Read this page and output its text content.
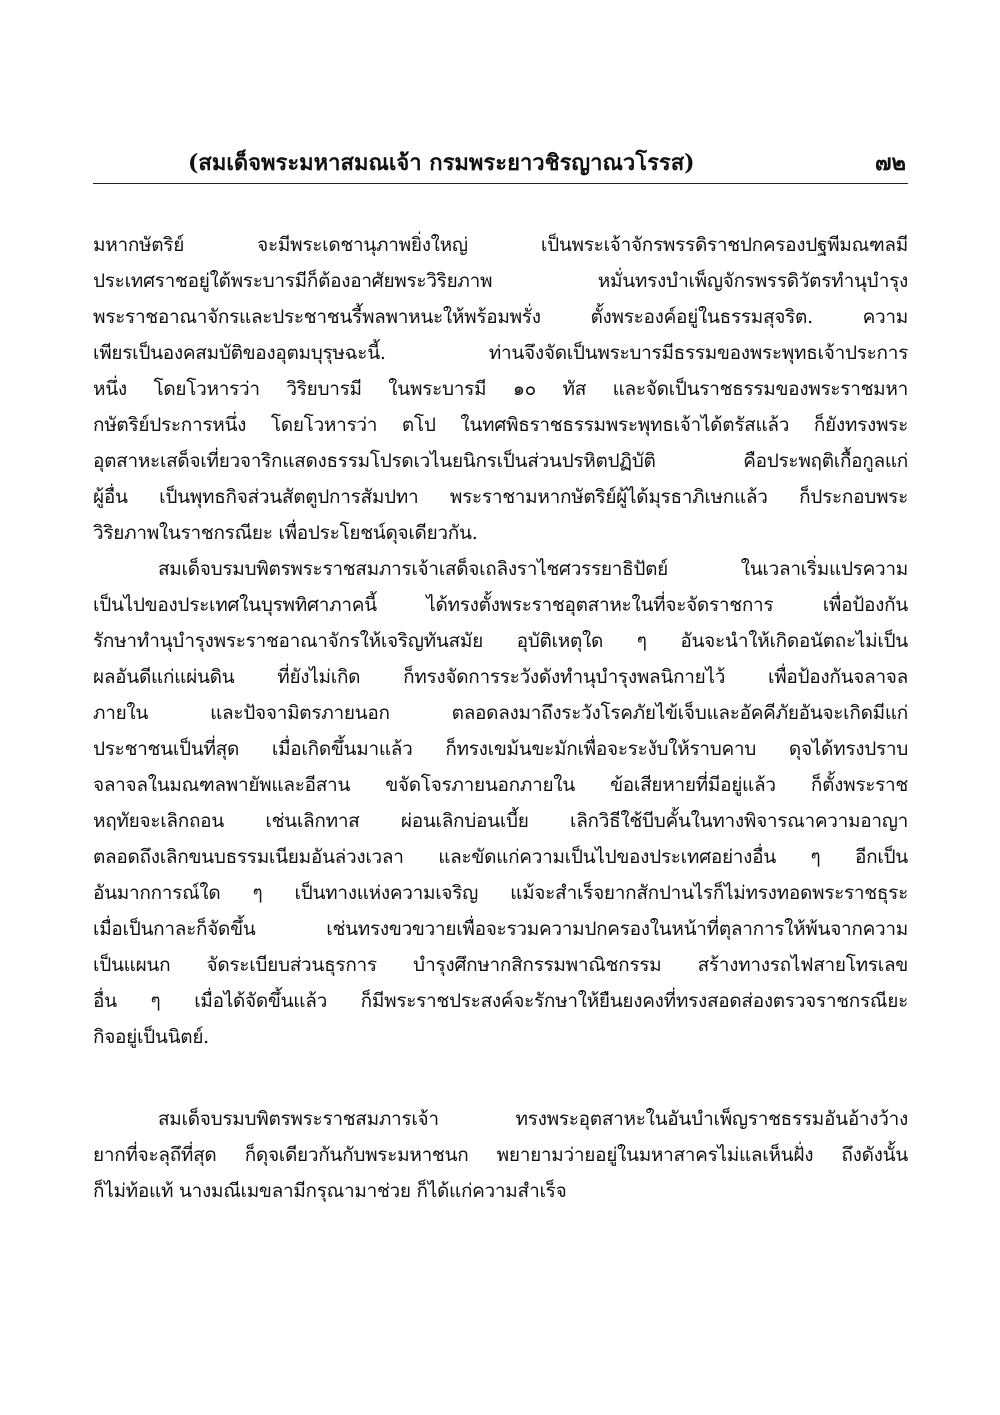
(สมเด็จพระมหาสมณเจ้า กรมพระยาวชิรญาณวโรรส)	๗๒
มหากษัตริย์ จะมีพระเดชานุภาพยิ่งใหญ่ เป็นพระเจ้าจักรพรรดิราชปกครองปฐพีมณฑลมี
ประเทศราชอยู่ใต้พระบารมีก็ต้องอาศัยพระวิริยภาพ หมั่นทรงบำเพ็ญจักรพรรดิวัตรทำนุบำรุง
พระราชอาณาจักรและประชาชนรี้พลพาหนะให้พร้อมพรั่ง ตั้งพระองค์อยู่ในธรรมสุจริต. ความ
เพียรเป็นองคสมบัติของอุตมบุรุษฉะนี้. ท่านจึงจัดเป็นพระบารมีธรรมของพระพุทธเจ้าประการ
หนึ่ง โดยโวหารว่า วิริยบารมี ในพระบารมี ๑๐ ทัส และจัดเป็นราชธรรมของพระราชมหา
กษัตริย์ประการหนึ่ง โดยโวหารว่า ตโป ในทศพิธราชธรรมพระพุทธเจ้าได้ตรัสแล้ว ก็ยังทรงพระ
อุตสาหะเสด็จเที่ยวจาริกแสดงธรรมโปรดเวไนยนิกรเป็นส่วนปรหิตปฏิบัติ คือประพฤติเกื้อกูลแก่
ผู้อื่น เป็นพุทธกิจส่วนสัตตูปการสัมปทา พระราชามหากษัตริย์ผู้ได้มุรธาภิเษกแล้ว ก็ประกอบพระ
วิริยภาพในราชกรณียะ เพื่อประโยชน์ดุจเดียวกัน.
สมเด็จบรมบพิตรพระราชสมภารเจ้าเสด็จเถลิงราไชศวรรยาธิปัตย์ ในเวลาเริ่มแปรความ
เป็นไปของประเทศในบุรพทิศาภาคนี้ ได้ทรงตั้งพระราชอุตสาหะในที่จะจัดราชการ เพื่อป้องกัน
รักษาทำนุบำรุงพระราชอาณาจักรให้เจริญทันสมัย อุบัติเหตุใด ๆ อันจะนำให้เกิดอนัตถะไม่เป็น
ผลอันดีแก่แผ่นดิน ที่ยังไม่เกิด ก็ทรงจัดการระวังดังทำนุบำรุงพลนิกายไว้ เพื่อป้องกันจลาจล
ภายใน และปัจจามิตรภายนอก ตลอดลงมาถึงระวังโรคภัยไข้เจ็บและอัคคีภัยอันจะเกิดมีแก่
ประชาชนเป็นที่สุด เมื่อเกิดขึ้นมาแล้ว ก็ทรงเขม้นขะมักเพื่อจะระงับให้ราบคาบ ดุจได้ทรงปราบ
จลาจลในมณฑลพายัพและอีสาน ขจัดโจรภายนอกภายใน ข้อเสียหายที่มีอยู่แล้ว ก็ตั้งพระราช
หฤทัยจะเลิกถอน เช่นเลิกทาส ผ่อนเลิกบ่อนเบี้ย เลิกวิธีใช้บีบคั้นในทางพิจารณาความอาญา
ตลอดถึงเลิกขนบธรรมเนียมอันล่วงเวลา และขัดแก่ความเป็นไปของประเทศอย่างอื่น ๆ อีกเป็น
อันมากการณ์ใด ๆ เป็นทางแห่งความเจริญ แม้จะสำเร็จยากสักปานไรก็ไม่ทรงทอดพระราชธุระ
เมื่อเป็นกาละก็จัดขึ้น เช่นทรงขวขวายเพื่อจะรวมความปกครองในหน้าที่ตุลาการให้พ้นจากความ
เป็นแผนก จัดระเบียบส่วนธุรการ บำรุงศึกษากสิกรรมพาณิชกรรม สร้างทางรถไฟสายโทรเลข
อื่น ๆ เมื่อได้จัดขึ้นแล้ว ก็มีพระราชประสงค์จะรักษาให้ยืนยงคงที่ทรงสอดส่องตรวจราชกรณียะ
กิจอยู่เป็นนิตย์.
สมเด็จบรมบพิตรพระราชสมภารเจ้า ทรงพระอุตสาหะในอันบำเพ็ญราชธรรมอันอ้างว้าง
ยากที่จะลุถึที่สุด ก็ดุจเดียวกันกับพระมหาชนก พยายามว่ายอยู่ในมหาสาครไม่แลเห็นฝั่ง ถึงดังนั้น
ก็ไม่ท้อแท้ นางมณีเมขลามีกรุณามาช่วย ก็ได้แก่ความสำเร็จ
